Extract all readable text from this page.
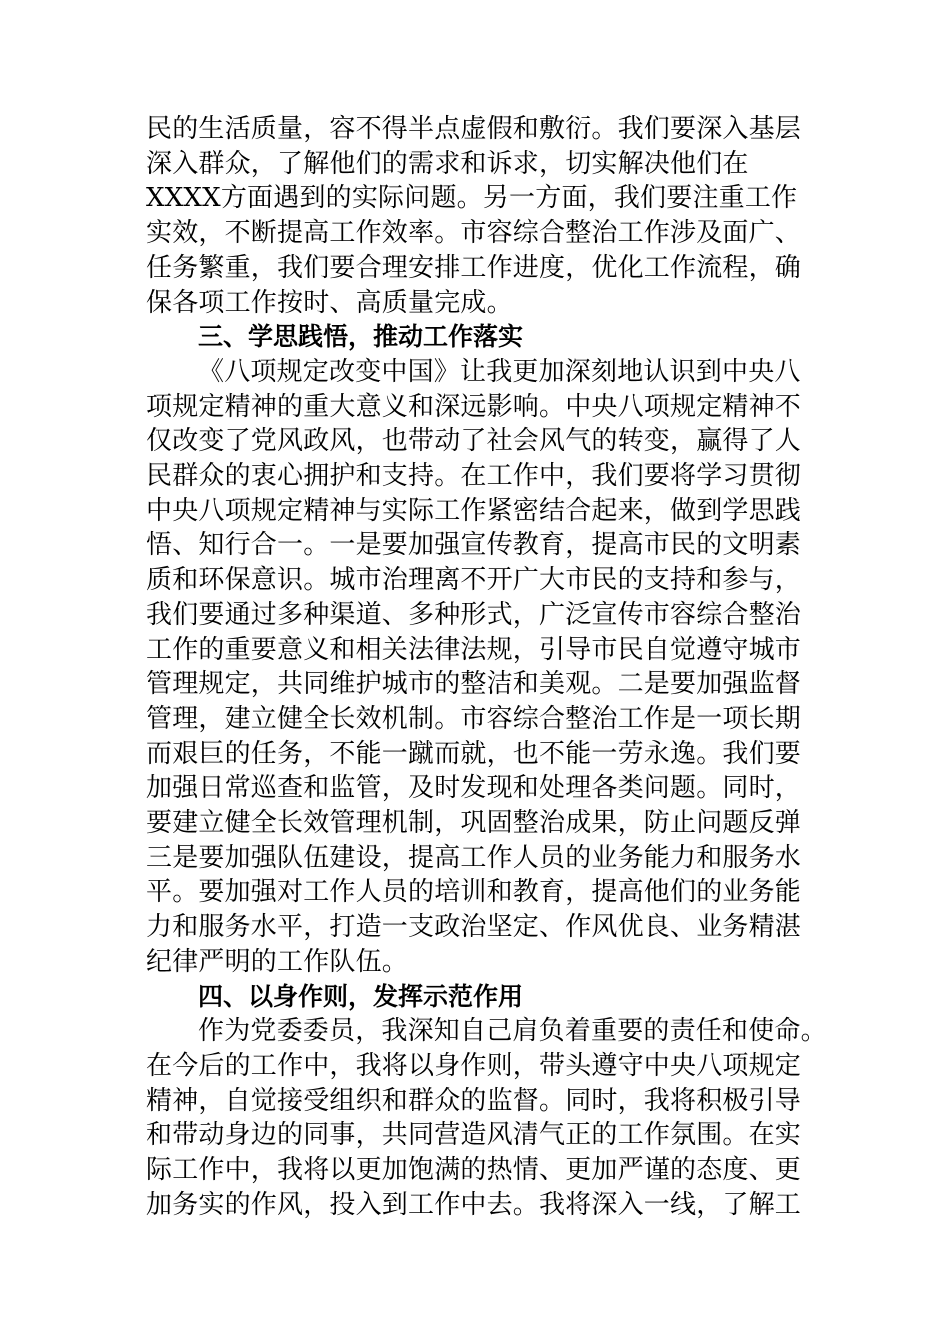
民的生活质量，容不得半点虚假和敷衍。我们要深入基层
深入群众，了解他们的需求和诉求，切实解决他们在
XXXX方面遇到的实际问题。另一方面，我们要注重工作
实效，不断提高工作效率。市容综合整治工作涉及面广、
任务繁重，我们要合理安排工作进度，优化工作流程，确
保各项工作按时、高质量完成。
三、学思践悟，推动工作落实
《八项规定改变中国》让我更加深刻地认识到中央八
项规定精神的重大意义和深远影响。中央八项规定精神不
仅改变了党风政风，也带动了社会风气的转变，赢得了人
民群众的衷心拥护和支持。在工作中，我们要将学习贯彻
中央八项规定精神与实际工作紧密结合起来，做到学思践
悟、知行合一。一是要加强宣传教育，提高市民的文明素
质和环保意识。城市治理离不开广大市民的支持和参与，
我们要通过多种渠道、多种形式，广泛宣传市容综合整治
工作的重要意义和相关法律法规，引导市民自觉遵守城市
管理规定，共同维护城市的整洁和美观。二是要加强监督
管理，建立健全长效机制。市容综合整治工作是一项长期
而艰巨的任务，不能一蹴而就，也不能一劳永逸。我们要
加强日常巡查和监管，及时发现和处理各类问题。同时，
要建立健全长效管理机制，巩固整治成果，防止问题反弹
三是要加强队伍建设，提高工作人员的业务能力和服务水
平。要加强对工作人员的培训和教育，提高他们的业务能
力和服务水平，打造一支政治坚定、作风优良、业务精湛
纪律严明的工作队伍。
四、以身作则，发挥示范作用
作为党委委员，我深知自己肩负着重要的责任和使命。
在今后的工作中，我将以身作则，带头遵守中央八项规定
精神，自觉接受组织和群众的监督。同时，我将积极引导
和带动身边的同事，共同营造风清气正的工作氛围。在实
际工作中，我将以更加饱满的热情、更加严谨的态度、更
加务实的作风，投入到工作中去。我将深入一线，了解工
